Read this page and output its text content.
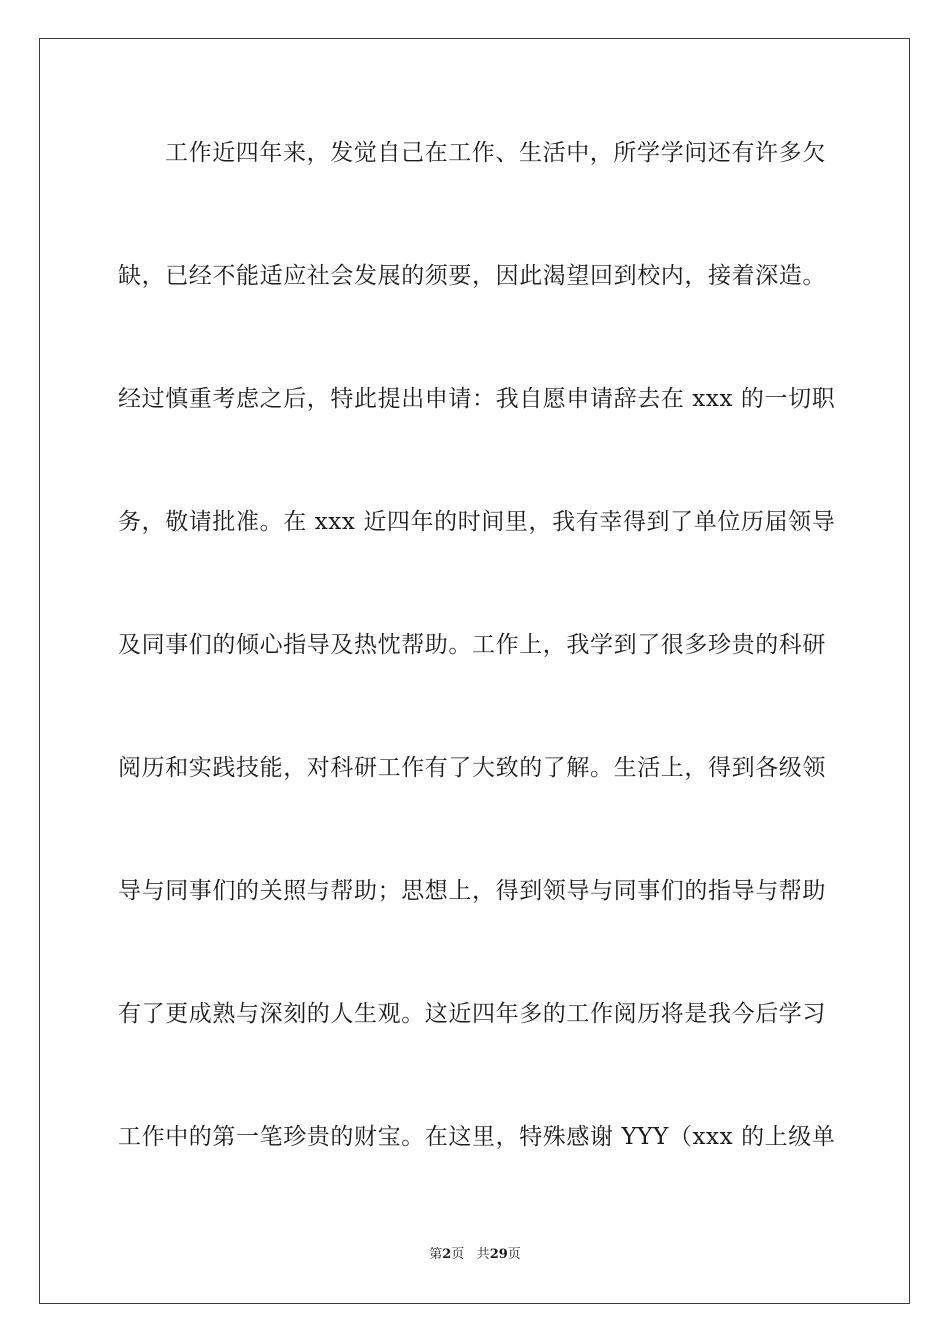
工作近四年来，发觉自己在工作、生活中，所学学问还有许多欠
缺，已经不能适应社会发展的须要，因此渴望回到校内，接着深造。
经过慎重考虑之后，特此提出申请：我自愿申请辞去在 xxx 的一切职
务，敬请批准。在 xxx 近四年的时间里，我有幸得到了单位历届领导
及同事们的倾心指导及热忱帮助。工作上，我学到了很多珍贵的科研
阅历和实践技能，对科研工作有了大致的了解。生活上，得到各级领
导与同事们的关照与帮助；思想上，得到领导与同事们的指导与帮助
有了更成熟与深刻的人生观。这近四年多的工作阅历将是我今后学习
工作中的第一笔珍贵的财宝。在这里，特殊感谢 YYY（xxx 的上级单
第2页 共29页
